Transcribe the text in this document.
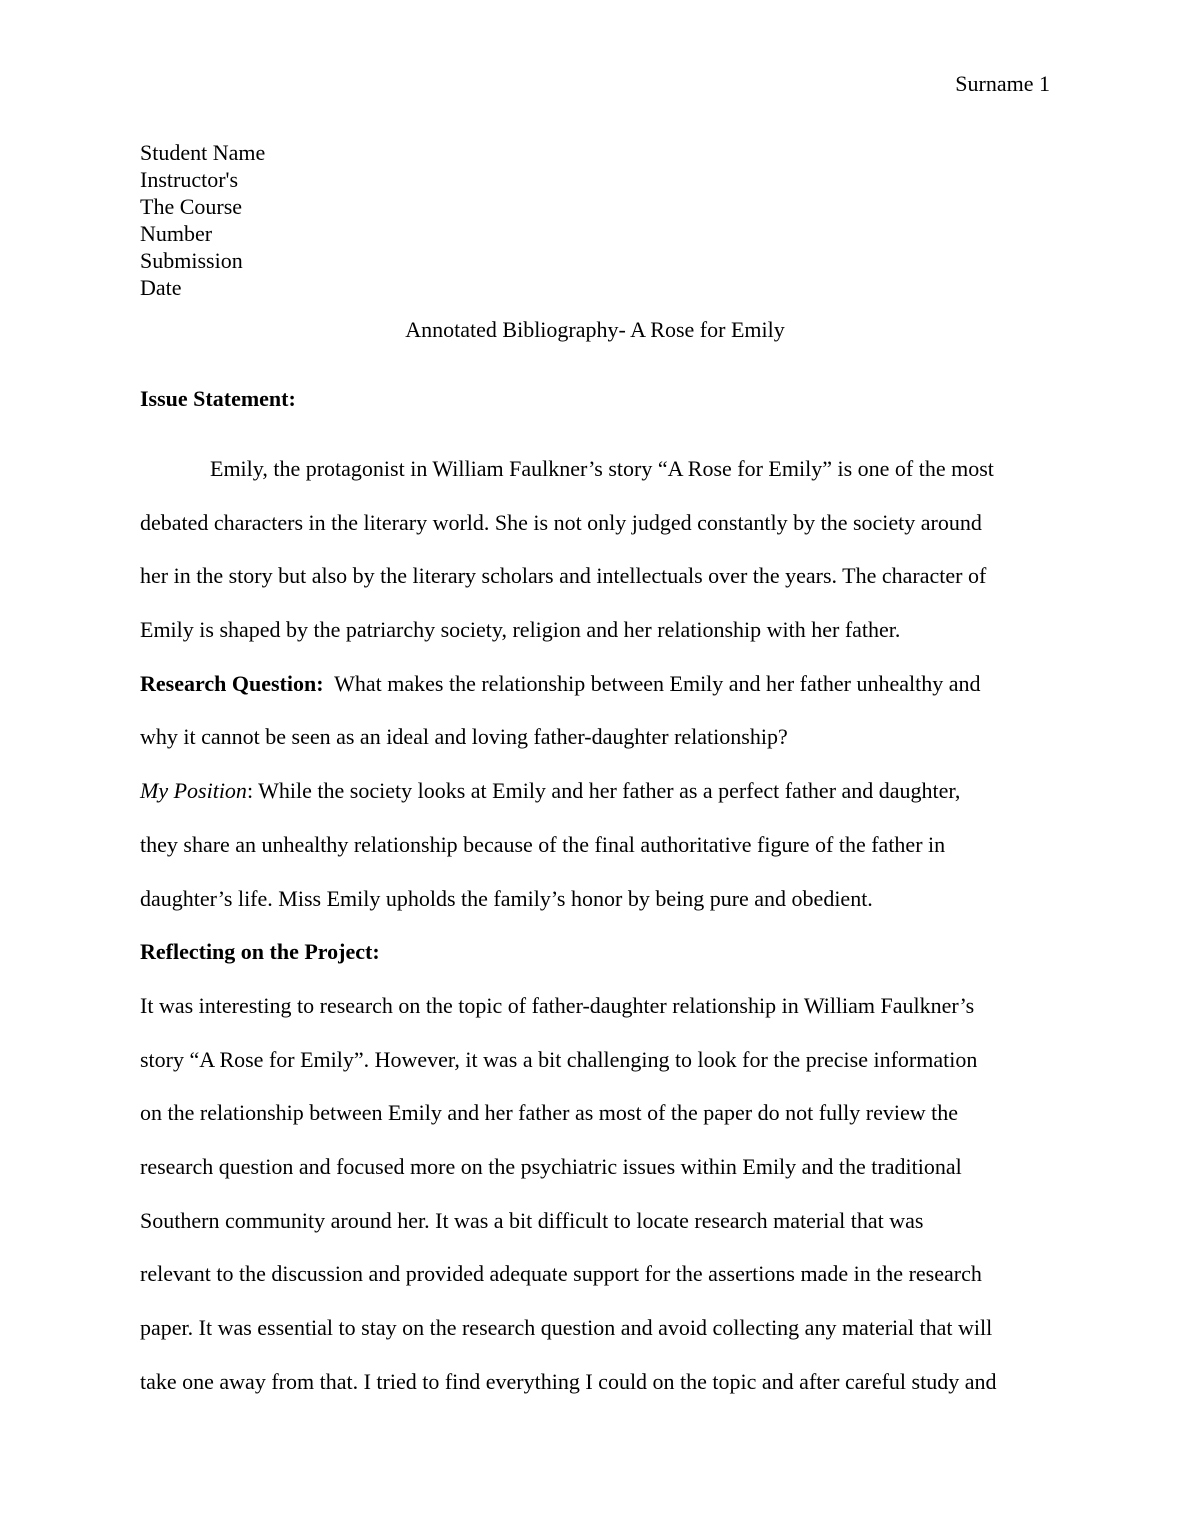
Surname 1
Student Name
Instructor's
The Course
Number
Submission
Date
Annotated Bibliography- A Rose for Emily
Issue Statement:
Emily, the protagonist in William Faulkner’s story “A Rose for Emily” is one of the most
debated characters in the literary world. She is not only judged constantly by the society around
her in the story but also by the literary scholars and intellectuals over the years. The character of
Emily is shaped by the patriarchy society, religion and her relationship with her father.
Research Question:  What makes the relationship between Emily and her father unhealthy and
why it cannot be seen as an ideal and loving father-daughter relationship?
My Position: While the society looks at Emily and her father as a perfect father and daughter,
they share an unhealthy relationship because of the final authoritative figure of the father in
daughter’s life. Miss Emily upholds the family’s honor by being pure and obedient.
Reflecting on the Project:
It was interesting to research on the topic of father-daughter relationship in William Faulkner’s
story “A Rose for Emily”. However, it was a bit challenging to look for the precise information
on the relationship between Emily and her father as most of the paper do not fully review the
research question and focused more on the psychiatric issues within Emily and the traditional
Southern community around her. It was a bit difficult to locate research material that was
relevant to the discussion and provided adequate support for the assertions made in the research
paper. It was essential to stay on the research question and avoid collecting any material that will
take one away from that. I tried to find everything I could on the topic and after careful study and
